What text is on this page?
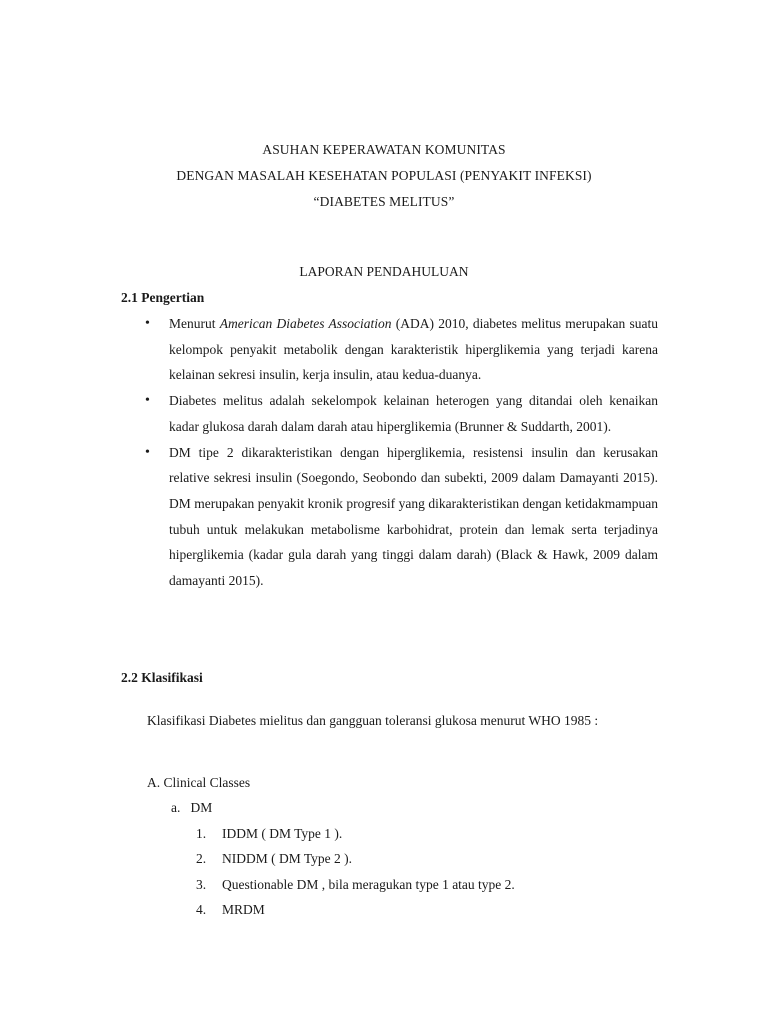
ASUHAN KEPERAWATAN KOMUNITAS
DENGAN MASALAH KESEHATAN POPULASI (PENYAKIT INFEKSI)
“DIABETES MELITUS”
LAPORAN PENDAHULUAN
2.1 Pengertian
• Menurut American Diabetes Association (ADA) 2010, diabetes melitus merupakan suatu kelompok penyakit metabolik dengan karakteristik hiperglikemia yang terjadi karena kelainan sekresi insulin, kerja insulin, atau kedua-duanya.
• Diabetes melitus adalah sekelompok kelainan heterogen yang ditandai oleh kenaikan kadar glukosa darah dalam darah atau hiperglikemia (Brunner & Suddarth, 2001).
• DM tipe 2 dikarakteristikan dengan hiperglikemia, resistensi insulin dan kerusakan relative sekresi insulin (Soegondo, Seobondo dan subekti, 2009 dalam Damayanti 2015). DM merupakan penyakit kronik progresif yang dikarakteristikan dengan ketidakmampuan tubuh untuk melakukan metabolisme karbohidrat, protein dan lemak serta terjadinya hiperglikemia (kadar gula darah yang tinggi dalam darah) (Black & Hawk, 2009 dalam damayanti 2015).
2.2 Klasifikasi
Klasifikasi Diabetes mielitus dan gangguan toleransi glukosa menurut WHO 1985 :
A. Clinical Classes
a.   DM
1. IDDM ( DM Type 1 ).
2. NIDDM ( DM Type 2 ).
3. Questionable DM , bila meragukan type 1 atau type 2.
4. MRDM
